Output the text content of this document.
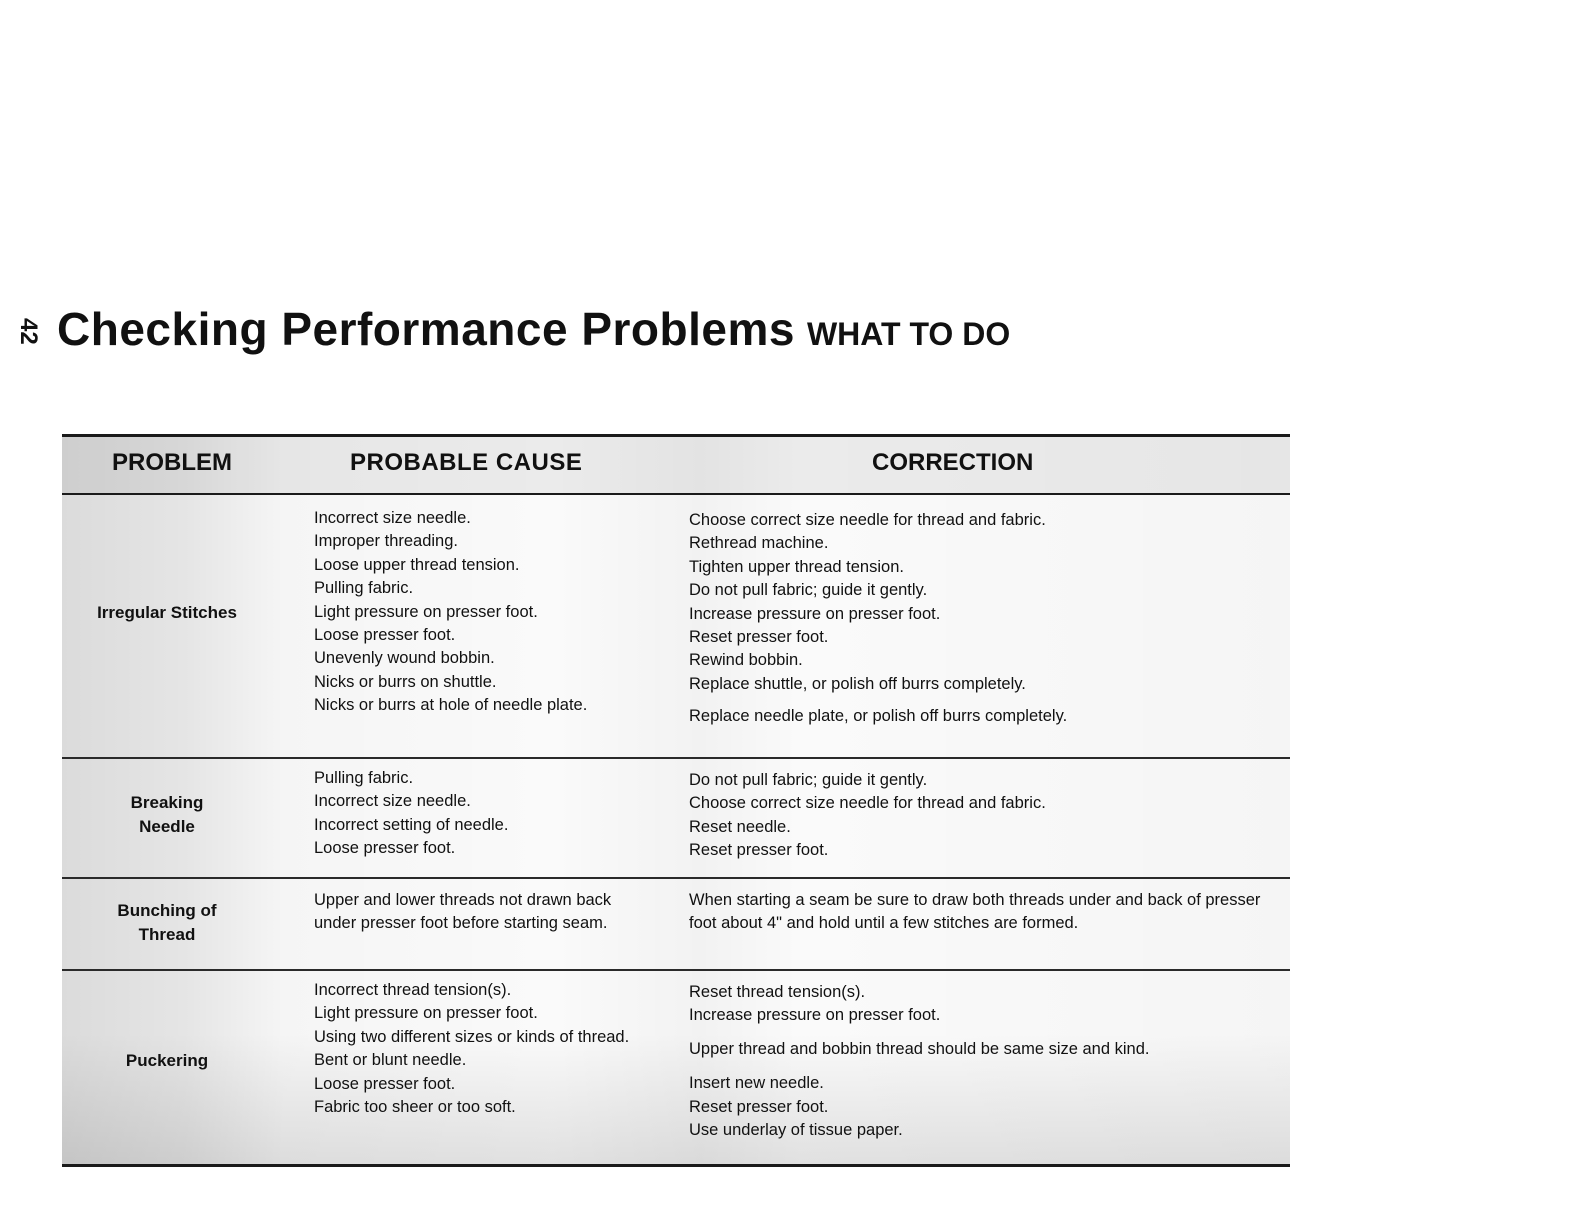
42 Checking Performance Problems WHAT TO DO
PROBLEM	PROBABLE CAUSE	CORRECTION
Irregular Stitches
Incorrect size needle.
Improper threading.
Loose upper thread tension.
Pulling fabric.
Light pressure on presser foot.
Loose presser foot.
Unevenly wound bobbin.
Nicks or burrs on shuttle.
Nicks or burrs at hole of needle plate.
Choose correct size needle for thread and fabric.
Rethread machine.
Tighten upper thread tension.
Do not pull fabric; guide it gently.
Increase pressure on presser foot.
Reset presser foot.
Rewind bobbin.
Replace shuttle, or polish off burrs completely.
Replace needle plate, or polish off burrs completely.
Breaking Needle
Pulling fabric.
Incorrect size needle.
Incorrect setting of needle.
Loose presser foot.
Do not pull fabric; guide it gently.
Choose correct size needle for thread and fabric.
Reset needle.
Reset presser foot.
Bunching of Thread
Upper and lower threads not drawn back under presser foot before starting seam.
When starting a seam be sure to draw both threads under and back of presser foot about 4" and hold until a few stitches are formed.
Puckering
Incorrect thread tension(s).
Light pressure on presser foot.
Using two different sizes or kinds of thread.
Bent or blunt needle.
Loose presser foot.
Fabric too sheer or too soft.
Reset thread tension(s).
Increase pressure on presser foot.
Upper thread and bobbin thread should be same size and kind.
Insert new needle.
Reset presser foot.
Use underlay of tissue paper.
